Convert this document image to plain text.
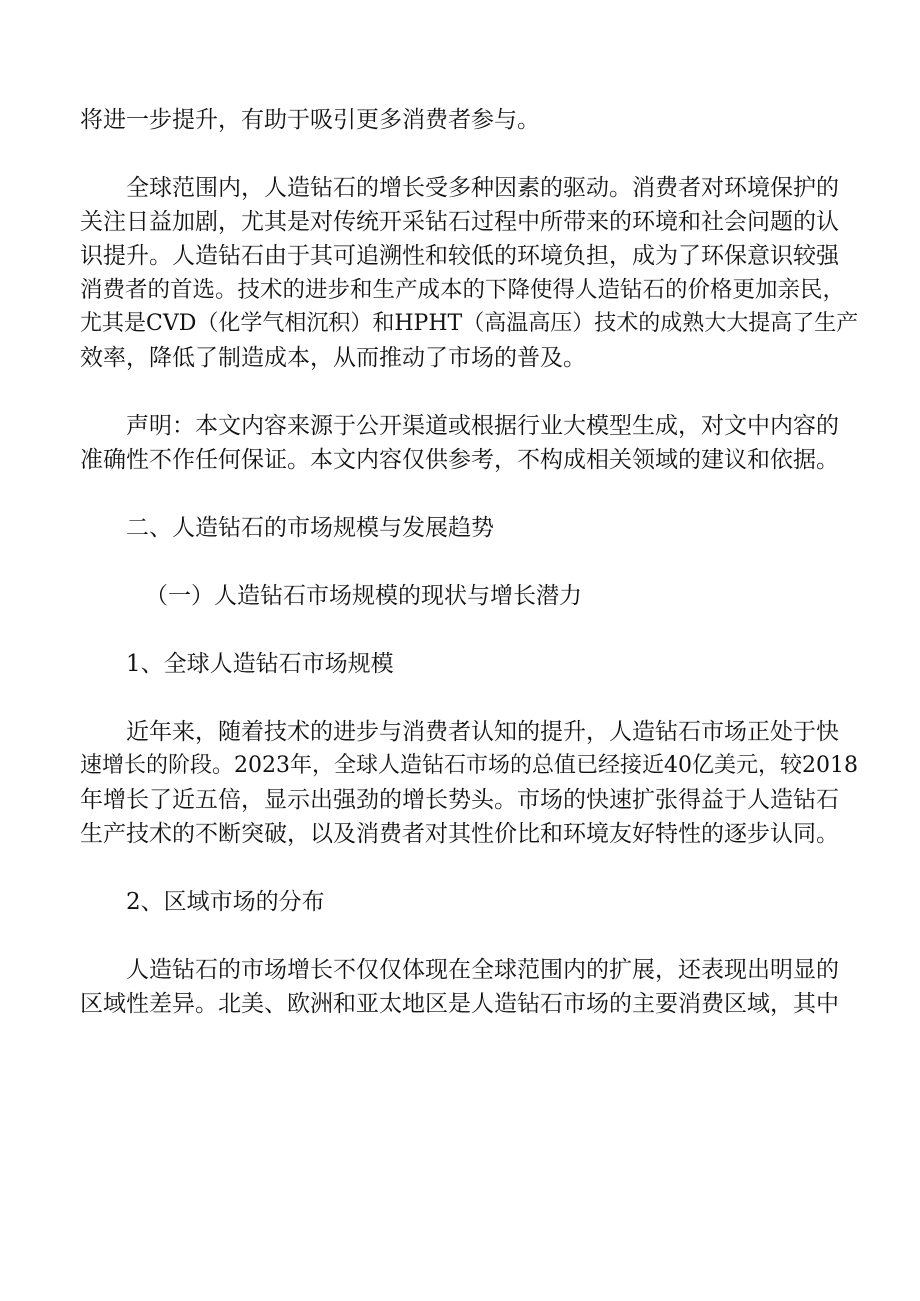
将进一步提升，有助于吸引更多消费者参与。

全球范围内，人造钻石的增长受多种因素的驱动。消费者对环境保护的
关注日益加剧，尤其是对传统开采钻石过程中所带来的环境和社会问题的认
识提升。人造钻石由于其可追溯性和较低的环境负担，成为了环保意识较强
消费者的首选。技术的进步和生产成本的下降使得人造钻石的价格更加亲民，
尤其是CVD（化学气相沉积）和HPHT（高温高压）技术的成熟大大提高了生产
效率，降低了制造成本，从而推动了市场的普及。

声明：本文内容来源于公开渠道或根据行业大模型生成，对文中内容的
准确性不作任何保证。本文内容仅供参考，不构成相关领域的建议和依据。

二、人造钻石的市场规模与发展趋势

（一）人造钻石市场规模的现状与增长潜力

1、全球人造钻石市场规模

近年来，随着技术的进步与消费者认知的提升，人造钻石市场正处于快
速增长的阶段。2023年，全球人造钻石市场的总值已经接近40亿美元，较2018
年增长了近五倍，显示出强劲的增长势头。市场的快速扩张得益于人造钻石
生产技术的不断突破，以及消费者对其性价比和环境友好特性的逐步认同。

2、区域市场的分布

人造钻石的市场增长不仅仅体现在全球范围内的扩展，还表现出明显的
区域性差异。北美、欧洲和亚太地区是人造钻石市场的主要消费区域，其中
